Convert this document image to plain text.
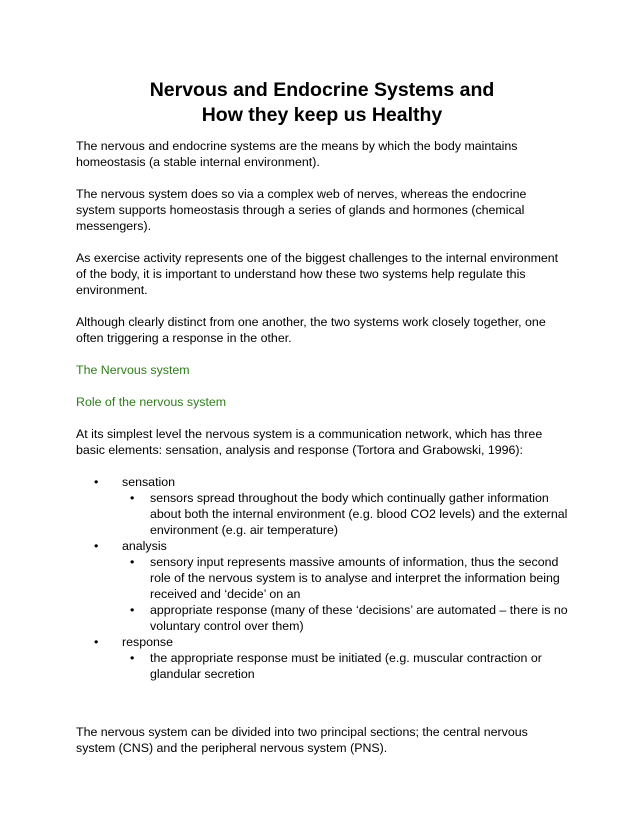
Nervous and Endocrine Systems and
How they keep us Healthy

The nervous and endocrine systems are the means by which the body maintains homeostasis (a stable internal environment).

The nervous system does so via a complex web of nerves, whereas the endocrine system supports homeostasis through a series of glands and hormones (chemical messengers).

As exercise activity represents one of the biggest challenges to the internal environment of the body, it is important to understand how these two systems help regulate this environment.

Although clearly distinct from one another, the two systems work closely together, one often triggering a response in the other.

The Nervous system

Role of the nervous system

At its simplest level the nervous system is a communication network, which has three basic elements: sensation, analysis and response (Tortora and Grabowski, 1996):

• sensation
• sensors spread throughout the body which continually gather information about both the internal environment (e.g. blood CO2 levels) and the external environment (e.g. air temperature)
• analysis
• sensory input represents massive amounts of information, thus the second role of the nervous system is to analyse and interpret the information being received and ‘decide’ on an
• appropriate response (many of these ‘decisions’ are automated – there is no voluntary control over them)
• response
• the appropriate response must be initiated (e.g. muscular contraction or glandular secretion

The nervous system can be divided into two principal sections; the central nervous system (CNS) and the peripheral nervous system (PNS).
